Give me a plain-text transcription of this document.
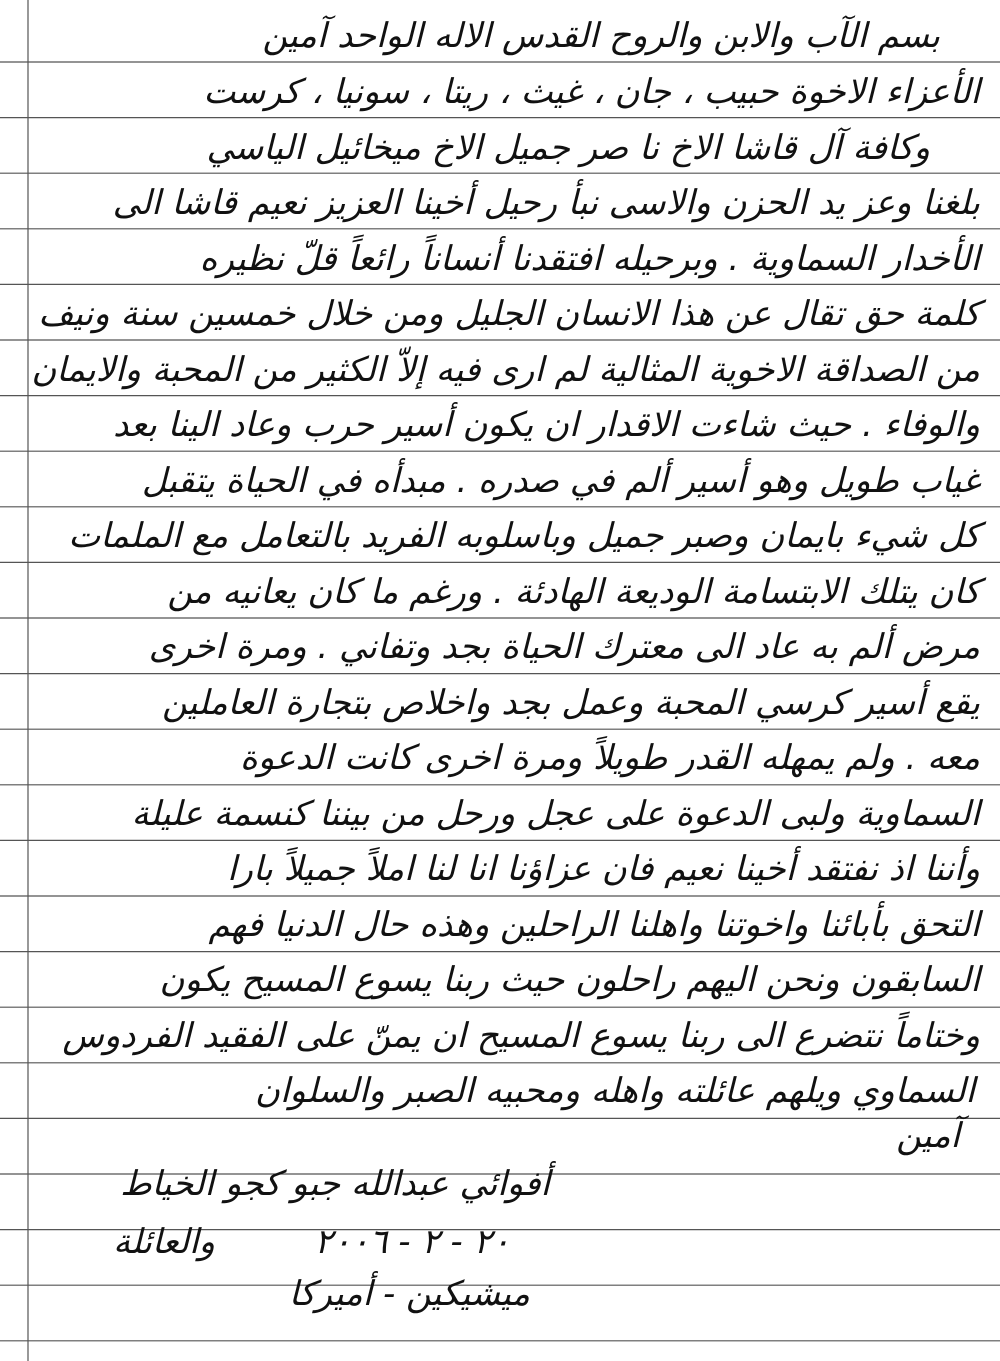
بسم الآب والابن والروح القدس الاله الواحد آمين
الأعزاء الاخوة حبيب ، جان ، غيث ، ريتا ، سونيا ، كرست
وكافة آل قاشا الاخ نا صر جميل الاخ ميخائيل الياسي
بلغنا وعز يد الحزن والاسى نبأ رحيل أخينا العزيز نعيم قاشا الى
الأخدار السماوية . وبرحيله افتقدنا أنساناً رائعاً قلّ نظيره
كلمة حق تقال عن هذا الانسان الجليل ومن خلال خمسين سنة ونيف
من الصداقة الاخوية المثالية لم ارى فيه إلاّ الكثير من المحبة والايمان
والوفاء . حيث شاءت الاقدار ان يكون أسير حرب وعاد الينا بعد
غياب طويل وهو أسير ألم في صدره . مبدأه في الحياة يتقبل
كل شيء بايمان وصبر جميل وباسلوبه الفريد بالتعامل مع الملمات
كان يتلك الابتسامة الوديعة الهادئة . ورغم ما كان يعانيه من
مرض ألم به عاد الى معترك الحياة بجد وتفاني . ومرة اخرى
يقع أسير كرسي المحبة وعمل بجد واخلاص بتجارة العاملين
معه . ولم يمهله القدر طويلاً ومرة اخرى كانت الدعوة
السماوية ولبى الدعوة على عجل ورحل من بيننا كنسمة عليلة
وأننا اذ نفتقد أخينا نعيم فان عزاؤنا انا لنا املاً جميلاً بارا
التحق بأبائنا واخوتنا واهلنا الراحلين وهذه حال الدنيا فهم
السابقون ونحن اليهم راحلون حيث ربنا يسوع المسيح يكون
وختاماً نتضرع الى ربنا يسوع المسيح ان يمنّ على الفقيد الفردوس
السماوي ويلهم عائلته واهله ومحبيه الصبر والسلوان
آمين
أفوائي عبدالله جبو كجو الخياط
والعائلة	٢٠ - ٢ - ٢٠٠٦
ميشيكين - أميركا
